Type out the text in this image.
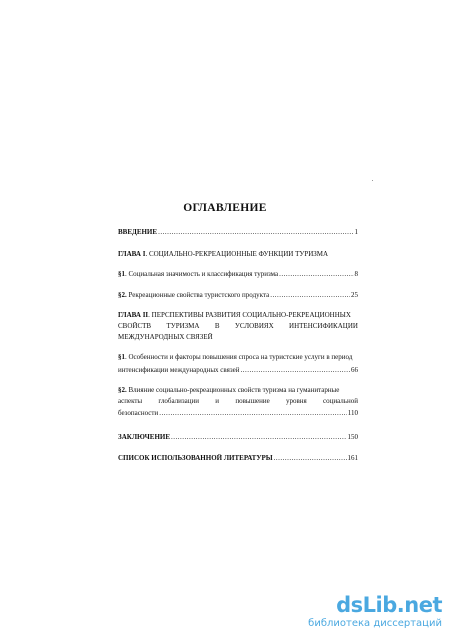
ОГЛАВЛЕНИЕ
ВВЕДЕНИЕ .....	1
ГЛАВА I. СОЦИАЛЬНО-РЕКРЕАЦИОННЫЕ ФУНКЦИИ ТУРИЗМА
§1. Социальная значимость и классификация туризма .....	8
§2. Рекреационные свойства туристского продукта .....	25
ГЛАВА II. ПЕРСПЕКТИВЫ РАЗВИТИЯ СОЦИАЛЬНО-РЕКРЕАЦИОННЫХ
СВОЙСТВ ТУРИЗМА В УСЛОВИЯХ ИНТЕНСИФИКАЦИИ
МЕЖДУНАРОДНЫХ СВЯЗЕЙ
§1. Особенности и факторы повышения спроса на туристские услуги в период
интенсификации международных связей .....	66
§2. Влияние социально-рекреационных свойств туризма на гуманитарные
аспекты глобализации и повышение уровня социальной
безопасности .....	110
ЗАКЛЮЧЕНИЕ .....	150
СПИСОК ИСПОЛЬЗОВАННОЙ ЛИТЕРАТУРЫ .....	161
dsLib.net
библиотека диссертаций
